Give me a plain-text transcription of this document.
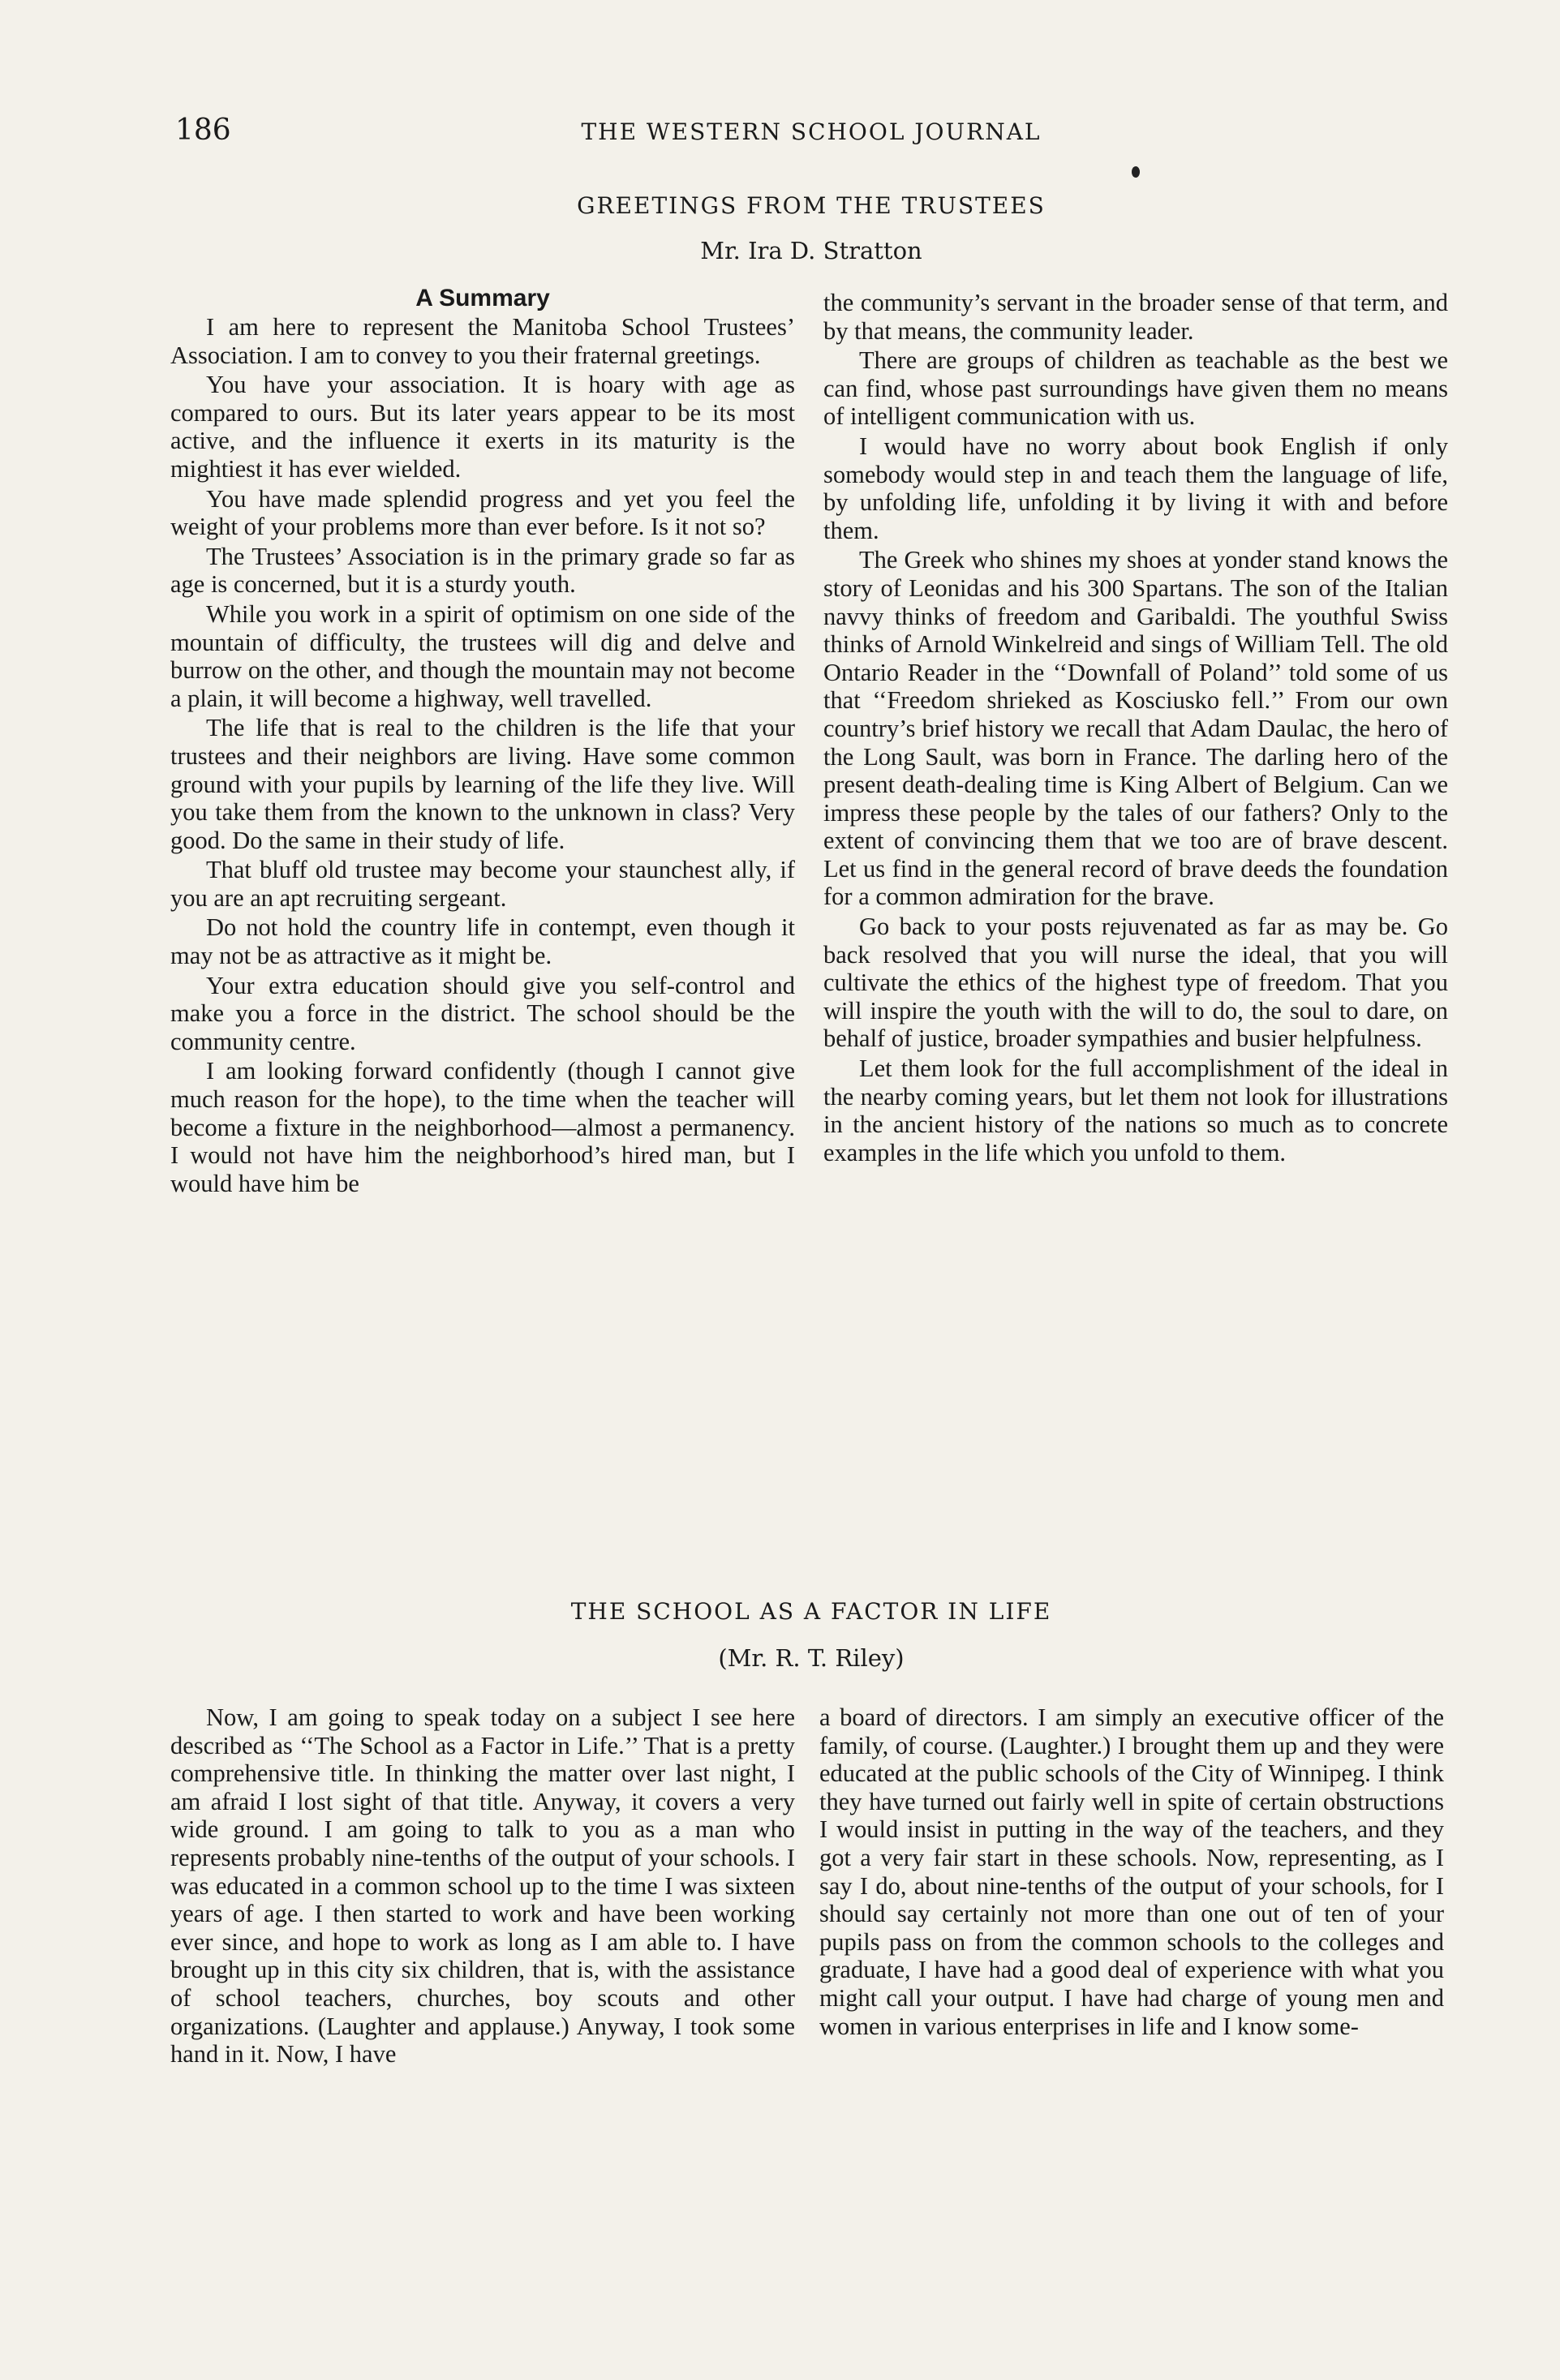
186	THE WESTERN SCHOOL JOURNAL
GREETINGS FROM THE TRUSTEES
Mr. Ira D. Stratton
A Summary

I am here to represent the Manitoba School Trustees’ Association. I am to convey to you their fraternal greetings.

You have your association. It is hoary with age as compared to ours. But its later years appear to be its most active, and the influence it exerts in its maturity is the mightiest it has ever wielded.

You have made splendid progress and yet you feel the weight of your problems more than ever before. Is it not so?

The Trustees’ Association is in the primary grade so far as age is concerned, but it is a sturdy youth.

While you work in a spirit of optimism on one side of the mountain of difficulty, the trustees will dig and delve and burrow on the other, and though the mountain may not become a plain, it will become a highway, well travelled.

The life that is real to the children is the life that your trustees and their neighbors are living. Have some common ground with your pupils by learning of the life they live. Will you take them from the known to the unknown in class? Very good. Do the same in their study of life.

That bluff old trustee may become your staunchest ally, if you are an apt recruiting sergeant.

Do not hold the country life in contempt, even though it may not be as attractive as it might be.

Your extra education should give you self-control and make you a force in the district. The school should be the community centre.

I am looking forward confidently (though I cannot give much reason for the hope), to the time when the teacher will become a fixture in the neighborhood—almost a permanency. I would not have him the neighborhood’s hired man, but I would have him be

the community’s servant in the broader sense of that term, and by that means, the community leader.

There are groups of children as teachable as the best we can find, whose past surroundings have given them no means of intelligent communication with us.

I would have no worry about book English if only somebody would step in and teach them the language of life, by unfolding life, unfolding it by living it with and before them.

The Greek who shines my shoes at yonder stand knows the story of Leonidas and his 300 Spartans. The son of the Italian navvy thinks of freedom and Garibaldi. The youthful Swiss thinks of Arnold Winkelreid and sings of William Tell. The old Ontario Reader in the ‘‘Downfall of Poland’’ told some of us that ‘‘Freedom shrieked as Kosciusko fell.’’ From our own country’s brief history we recall that Adam Daulac, the hero of the Long Sault, was born in France. The darling hero of the present death-dealing time is King Albert of Belgium. Can we impress these people by the tales of our fathers? Only to the extent of convincing them that we too are of brave descent. Let us find in the general record of brave deeds the foundation for a common admiration for the brave.

Go back to your posts rejuvenated as far as may be. Go back resolved that you will nurse the ideal, that you will cultivate the ethics of the highest type of freedom. That you will inspire the youth with the will to do, the soul to dare, on behalf of justice, broader sympathies and busier helpfulness.

Let them look for the full accomplishment of the ideal in the nearby coming years, but let them not look for illustrations in the ancient history of the nations so much as to concrete examples in the life which you unfold to them.

THE SCHOOL AS A FACTOR IN LIFE
(Mr. R. T. Riley)

Now, I am going to speak today on a subject I see here described as ‘‘The School as a Factor in Life.’’ That is a pretty comprehensive title. In thinking the matter over last night, I am afraid I lost sight of that title. Anyway, it covers a very wide ground. I am going to talk to you as a man who represents probably nine-tenths of the output of your schools. I was educated in a common school up to the time I was sixteen years of age. I then started to work and have been working ever since, and hope to work as long as I am able to. I have brought up in this city six children, that is, with the assistance of school teachers, churches, boy scouts and other organizations. (Laughter and applause.) Anyway, I took some hand in it. Now, I have

a board of directors. I am simply an executive officer of the family, of course. (Laughter.) I brought them up and they were educated at the public schools of the City of Winnipeg. I think they have turned out fairly well in spite of certain obstructions I would insist in putting in the way of the teachers, and they got a very fair start in these schools. Now, representing, as I say I do, about nine-tenths of the output of your schools, for I should say certainly not more than one out of ten of your pupils pass on from the common schools to the colleges and graduate, I have had a good deal of experience with what you might call your output. I have had charge of young men and women in various enterprises in life and I know some-
